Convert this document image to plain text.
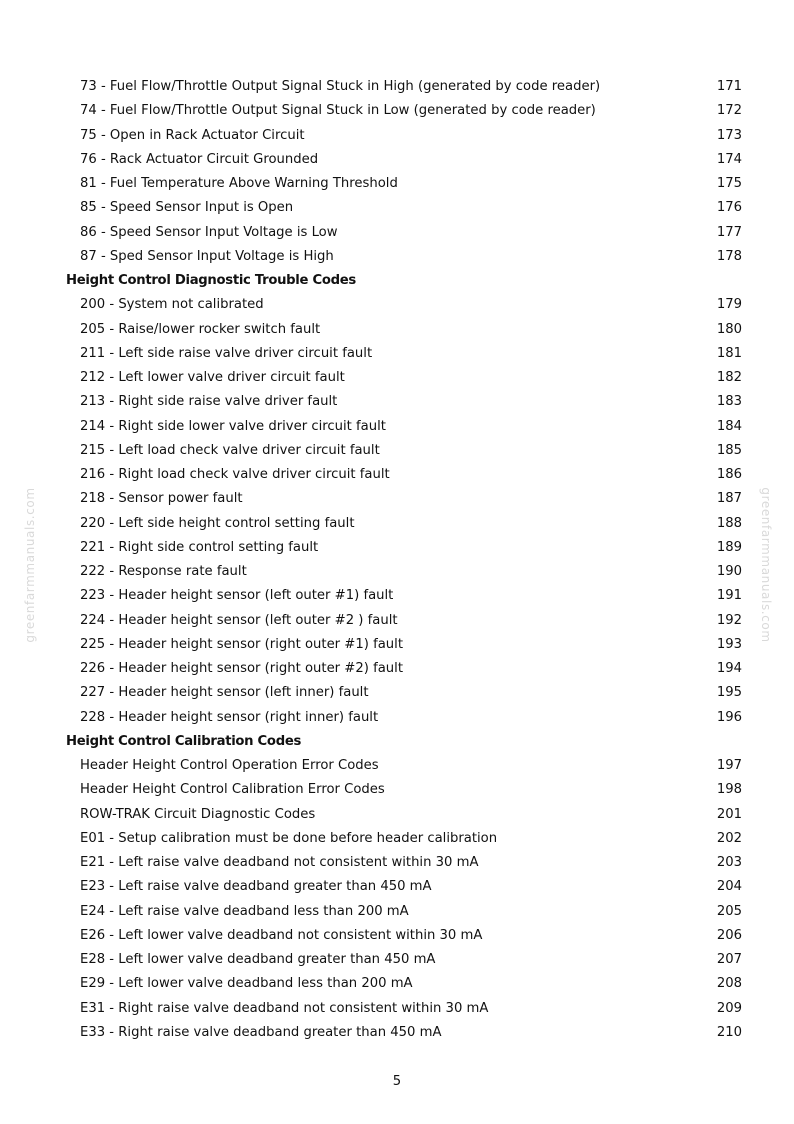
73 - Fuel Flow/Throttle Output Signal Stuck in High (generated by code reader)	171
74 - Fuel Flow/Throttle Output Signal Stuck in Low (generated by code reader)	172
75 - Open in Rack Actuator Circuit	173
76 - Rack Actuator Circuit Grounded	174
81 - Fuel Temperature Above Warning Threshold	175
85 - Speed Sensor Input is Open	176
86 - Speed Sensor Input Voltage is Low	177
87 - Sped Sensor Input Voltage is High	178
Height Control Diagnostic Trouble Codes
200 - System not calibrated	179
205 - Raise/lower rocker switch fault	180
211 - Left side raise valve driver circuit fault	181
212 - Left lower valve driver circuit fault	182
213 - Right side raise valve driver fault	183
214 - Right side lower valve driver circuit fault	184
215 - Left load check valve driver circuit fault	185
216 - Right load check valve driver circuit fault	186
218 - Sensor power fault	187
220 - Left side height control setting fault	188
221 - Right side control setting fault	189
222 - Response rate fault	190
223 - Header height sensor (left outer #1) fault	191
224 - Header height sensor (left outer #2 ) fault	192
225 - Header height sensor (right outer #1) fault	193
226 - Header height sensor (right outer #2) fault	194
227 - Header height sensor (left inner) fault	195
228 - Header height sensor (right inner) fault	196
Height Control Calibration Codes
Header Height Control Operation Error Codes	197
Header Height Control Calibration Error Codes	198
ROW-TRAK Circuit Diagnostic Codes	201
E01 - Setup calibration must be done before header calibration	202
E21 - Left raise valve deadband not consistent within 30 mA	203
E23 - Left raise valve deadband greater than 450 mA	204
E24 - Left raise valve deadband less than 200 mA	205
E26 - Left lower valve deadband not consistent within 30 mA	206
E28 - Left lower valve deadband greater than 450 mA	207
E29 - Left lower valve deadband less than 200 mA	208
E31 - Right raise valve deadband not consistent within 30 mA	209
E33 - Right raise valve deadband greater than 450 mA	210
greenfarmmanuals.com	greenfarmmanuals.com
5
